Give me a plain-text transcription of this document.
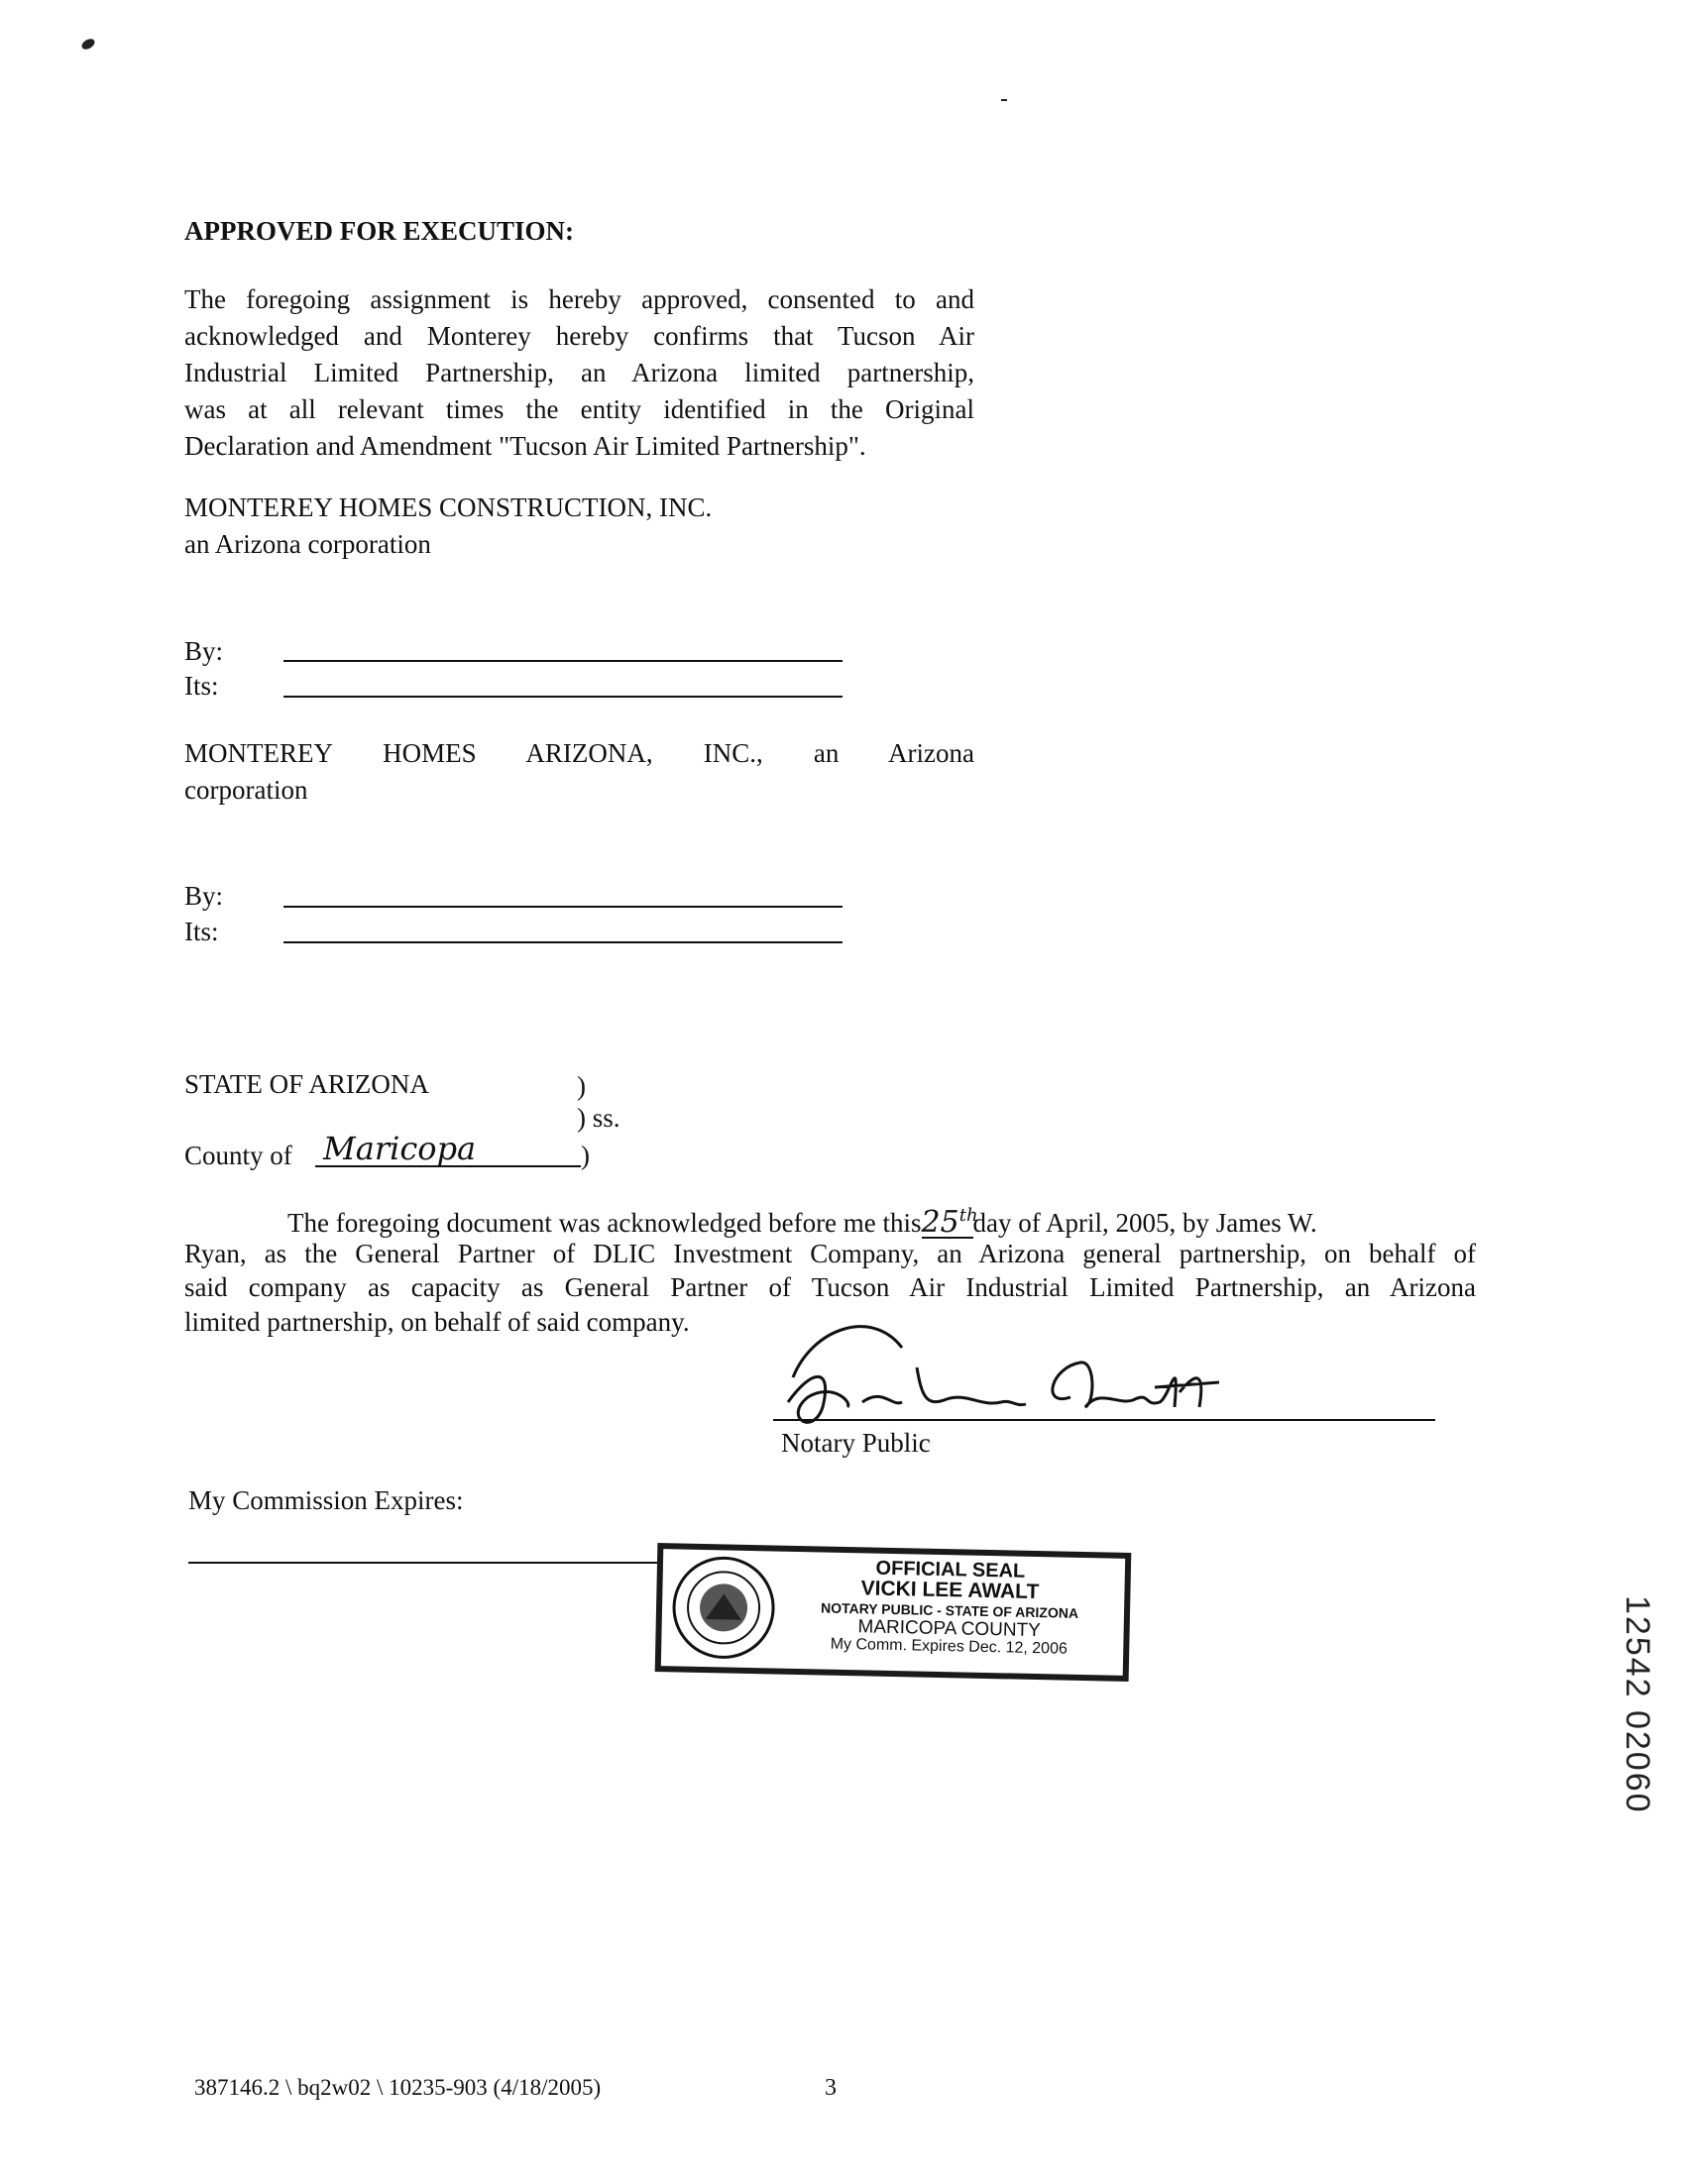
APPROVED FOR EXECUTION:
The foregoing assignment is hereby approved, consented to and
acknowledged and Monterey hereby confirms that Tucson Air
Industrial Limited Partnership, an Arizona limited partnership,
was at all relevant times the entity identified in the Original
Declaration and Amendment "Tucson Air Limited Partnership".
MONTEREY HOMES CONSTRUCTION, INC.
an Arizona corporation
By:
Its:
MONTEREY HOMES ARIZONA, INC., an Arizona
corporation
By:
Its:
STATE OF ARIZONA	)
) ss.
County of Maricopa	)
The foregoing document was acknowledged before me this25thday of April, 2005, by James W.
Ryan, as the General Partner of DLIC Investment Company, an Arizona general partnership, on behalf of
said company as capacity as General Partner of Tucson Air Industrial Limited Partnership, an Arizona
limited partnership, on behalf of said company.
Notary Public
My Commission Expires:
OFFICIAL SEAL
VICKI LEE AWALT
NOTARY PUBLIC - STATE OF ARIZONA
MARICOPA COUNTY
My Comm. Expires Dec. 12, 2006	12542 02060
387146.2 \ bq2w02 \ 10235-903 (4/18/2005)	3
